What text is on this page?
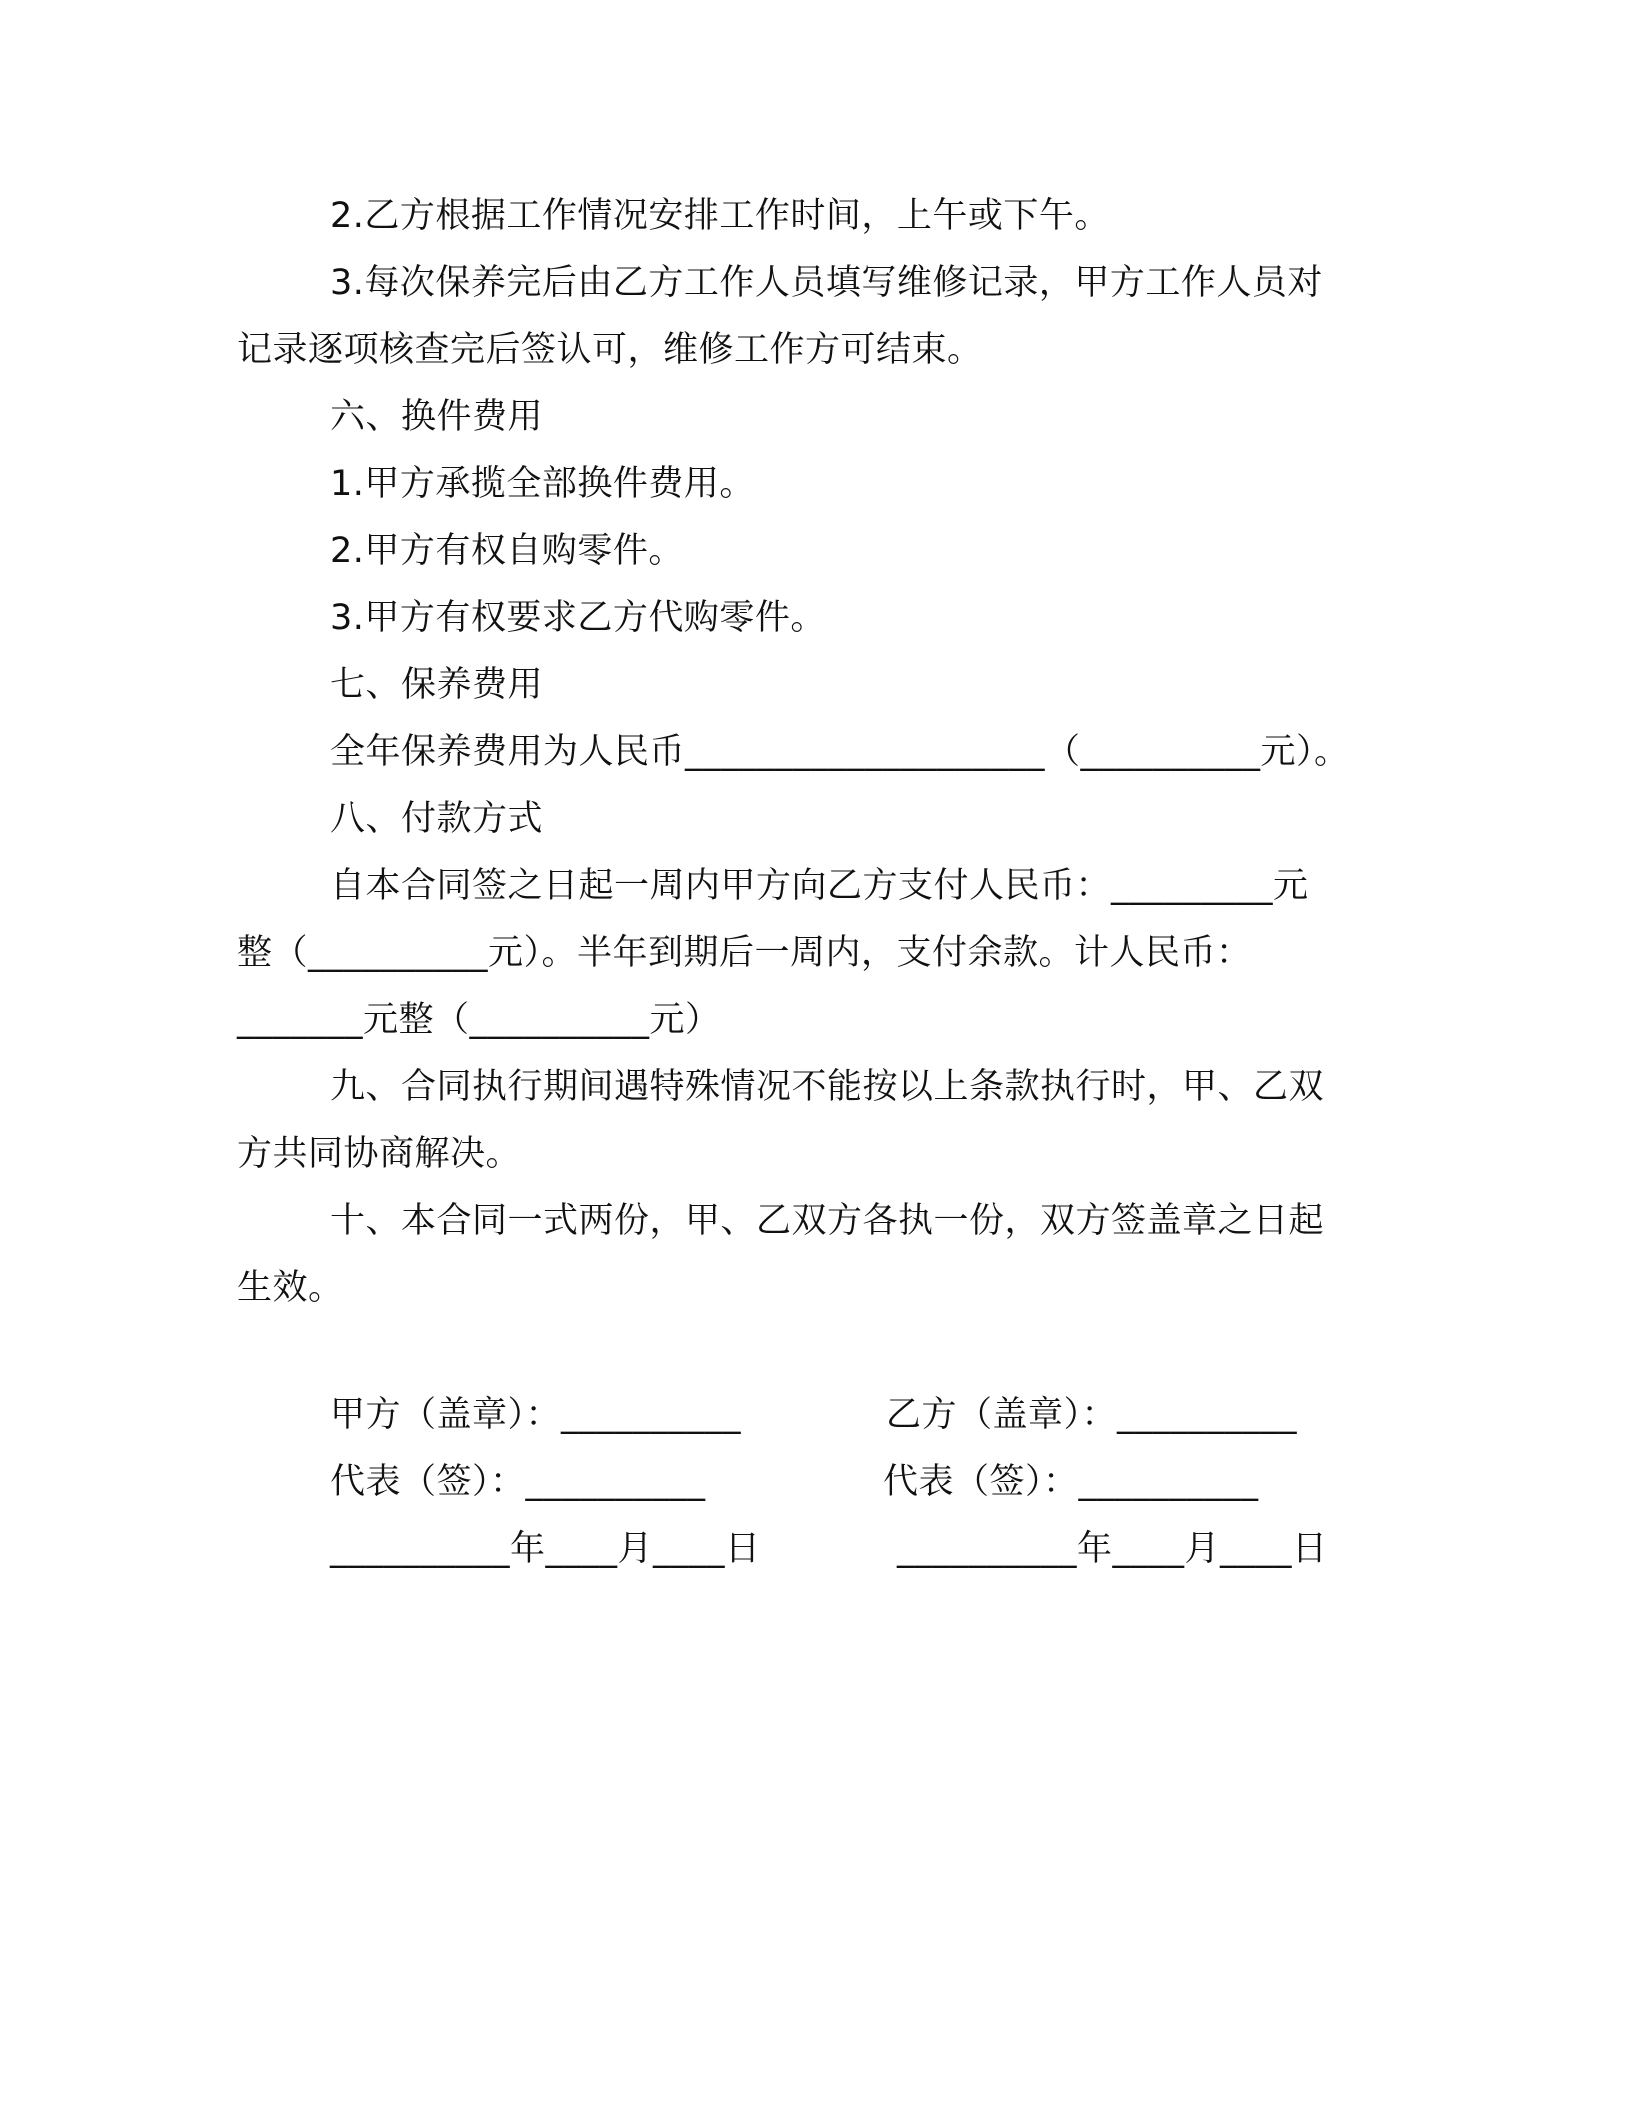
2.乙方根据工作情况安排工作时间，上午或下午。
3.每次保养完后由乙方工作人员填写维修记录，甲方工作人员对
记录逐项核查完后签认可，维修工作方可结束。
六、换件费用
1.甲方承揽全部换件费用。
2.甲方有权自购零件。
3.甲方有权要求乙方代购零件。
七、保养费用
全年保养费用为人民币____________________（__________元）。
八、付款方式
自本合同签之日起一周内甲方向乙方支付人民币：_________元
整（__________元）。半年到期后一周内，支付余款。计人民币：
_______元整（__________元）
九、合同执行期间遇特殊情况不能按以上条款执行时，甲、乙双
方共同协商解决。
十、本合同一式两份，甲、乙双方各执一份，双方签盖章之日起
生效。
甲方（盖章）：__________	乙方（盖章）：__________
代表（签）：__________	代表（签）：__________
__________年____月____日	__________年____月____日
